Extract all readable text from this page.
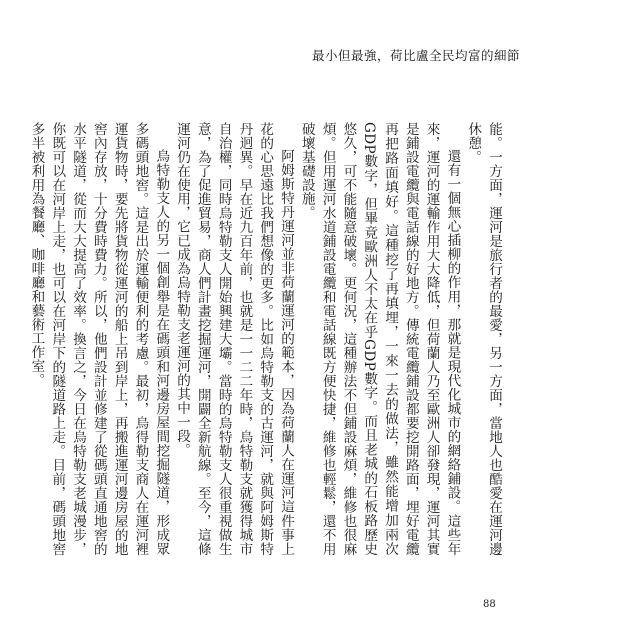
最小但最強，荷比盧全民均富的細節

能。一方面，運河是旅行者的最愛，另一方面，當地人也酷愛在運河邊休憩。

還有一個無心插柳的作用，那就是現代化城市的網絡鋪設。這些年來，運河的運輸作用大大降低，但荷蘭人乃至歐洲人卻發現，運河其實是鋪設電纜與電話線的好地方。傳統電纜鋪設都要挖開路面，埋好電纜再把路面填好。這種挖了再填埋，一來一去的做法，雖然能增加兩次GDP數字，但畢竟歐洲人不太在乎GDP數字。而且老城的石板路歷史悠久，可不能隨意破壞。更何況，這種辦法不但鋪設麻煩，維修也很麻煩。但用運河水道鋪設電纜和電話線既方便快捷，維修也輕鬆，還不用破壞基礎設施。

阿姆斯特丹運河並非荷蘭運河的範本，因為荷蘭人在運河這件事上花的心思遠比我們想像的更多。比如烏特勒支的古運河，就與阿姆斯特丹迥異。早在近九百年前，也就是一一二二年時，烏特勒支就獲得城市自治權，同時烏特勒支人開始興建大壩。當時的烏特勒支人很重視做生意，為了促進貿易，商人們計畫挖掘運河，開闢全新航線。至今，這條運河仍在使用，它已成為烏特勒支老運河的其中一段。

烏特勒支人的另一個創舉是在碼頭和河邊房屋間挖掘隧道，形成眾多碼頭地窖。這是出於運輸便利的考慮。最初，烏得勒支商人在運河裡運貨物時，要先將貨物從運河的船上吊到岸上，再搬進運河邊房屋的地窖內存放，十分費時費力。所以，他們設計並修建了從碼頭直通地窖的水平隧道，從而大大提高了效率。換言之，今日在烏特勒支老城漫步，你既可以在河岸上走，也可以在河岸下的隧道路上走。目前，碼頭地窖多半被利用為餐廳、咖啡廳和藝術工作室。

88
